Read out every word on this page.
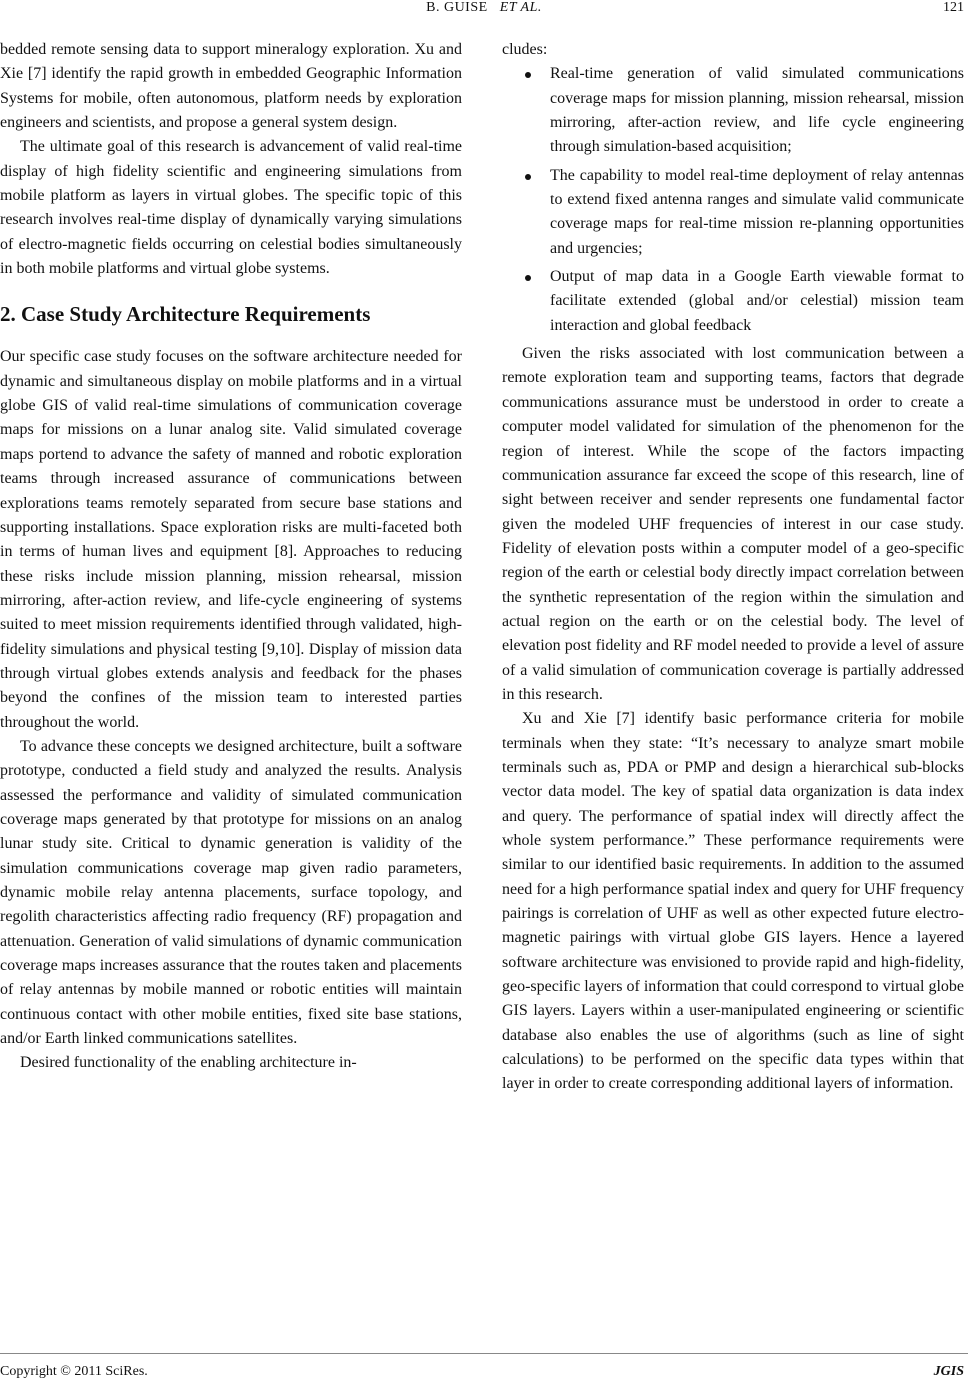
B. GUISE ET AL.	121

bedded remote sensing data to support mineralogy exploration. Xu and Xie [7] identify the rapid growth in embedded Geographic Information Systems for mobile, often autonomous, platform needs by exploration engineers and scientists, and propose a general system design.

The ultimate goal of this research is advancement of valid real-time display of high fidelity scientific and engineering simulations from mobile platform as layers in virtual globes. The specific topic of this research involves real-time display of dynamically varying simulations of electro-magnetic fields occurring on celestial bodies simultaneously in both mobile platforms and virtual globe systems.

2. Case Study Architecture Requirements

Our specific case study focuses on the software architecture needed for dynamic and simultaneous display on mobile platforms and in a virtual globe GIS of valid real-time simulations of communication coverage maps for missions on a lunar analog site. Valid simulated coverage maps portend to advance the safety of manned and robotic exploration teams through increased assurance of communications between explorations teams remotely separated from secure base stations and supporting installations. Space exploration risks are multi-faceted both in terms of human lives and equipment [8]. Approaches to reducing these risks include mission planning, mission rehearsal, mission mirroring, after-action review, and life-cycle engineering of systems suited to meet mission requirements identified through validated, high-fidelity simulations and physical testing [9,10]. Display of mission data through virtual globes extends analysis and feedback for the phases beyond the confines of the mission team to interested parties throughout the world.

To advance these concepts we designed architecture, built a software prototype, conducted a field study and analyzed the results. Analysis assessed the performance and validity of simulated communication coverage maps generated by that prototype for missions on an analog lunar study site. Critical to dynamic generation is validity of the simulation communications coverage map given radio parameters, dynamic mobile relay antenna placements, surface topology, and regolith characteristics affecting radio frequency (RF) propagation and attenuation. Generation of valid simulations of dynamic communication coverage maps increases assurance that the routes taken and placements of relay antennas by mobile manned or robotic entities will maintain continuous contact with other mobile entities, fixed site base stations, and/or Earth linked communications satellites.

Desired functionality of the enabling architecture in-

cludes:

Real-time generation of valid simulated communications coverage maps for mission planning, mission rehearsal, mission mirroring, after-action review, and life cycle engineering through simulation-based acquisition;
The capability to model real-time deployment of relay antennas to extend fixed antenna ranges and simulate valid communicate coverage maps for real-time mission re-planning opportunities and urgencies;
Output of map data in a Google Earth viewable format to facilitate extended (global and/or celestial) mission team interaction and global feedback

Given the risks associated with lost communication between a remote exploration team and supporting teams, factors that degrade communications assurance must be understood in order to create a computer model validated for simulation of the phenomenon for the region of interest. While the scope of the factors impacting communication assurance far exceed the scope of this research, line of sight between receiver and sender represents one fundamental factor given the modeled UHF frequencies of interest in our case study. Fidelity of elevation posts within a computer model of a geo-specific region of the earth or celestial body directly impact correlation between the synthetic representation of the region within the simulation and actual region on the earth or on the celestial body. The level of elevation post fidelity and RF model needed to provide a level of assure of a valid simulation of communication coverage is partially addressed in this research.

Xu and Xie [7] identify basic performance criteria for mobile terminals when they state: “It’s necessary to analyze smart mobile terminals such as, PDA or PMP and design a hierarchical sub-blocks vector data model. The key of spatial data organization is data index and query. The performance of spatial index will directly affect the whole system performance.” These performance requirements were similar to our identified basic requirements. In addition to the assumed need for a high performance spatial index and query for UHF frequency pairings is correlation of UHF as well as other expected future electro-magnetic pairings with virtual globe GIS layers. Hence a layered software architecture was envisioned to provide rapid and high-fidelity, geo-specific layers of information that could correspond to virtual globe GIS layers. Layers within a user-manipulated engineering or scientific database also enables the use of algorithms (such as line of sight calculations) to be performed on the specific data types within that layer in order to create corresponding additional layers of information.

Copyright © 2011 SciRes.	JGIS
